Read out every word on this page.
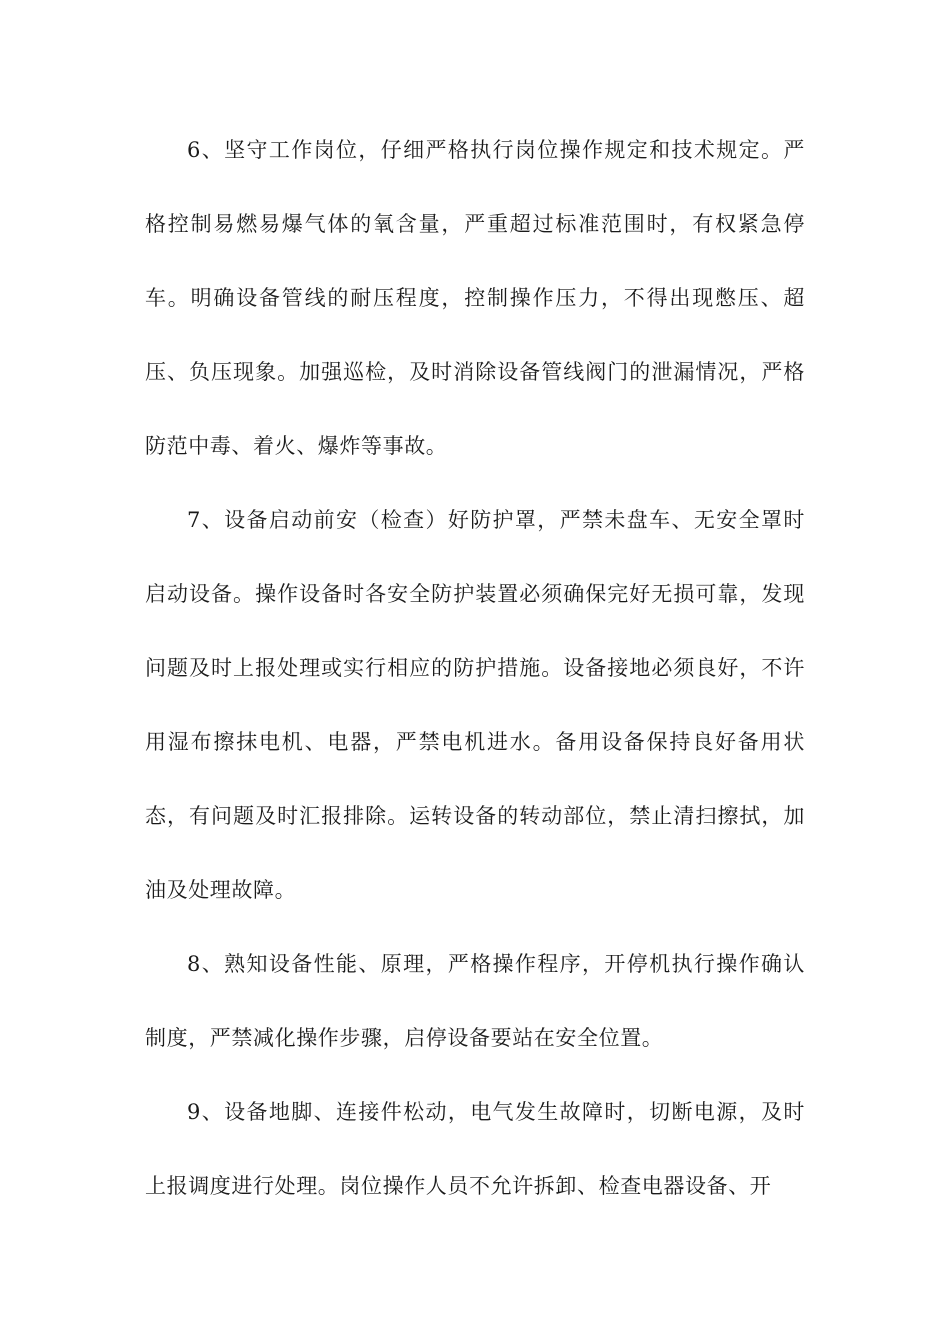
6、坚守工作岗位，仔细严格执行岗位操作规定和技术规定。严格控制易燃易爆气体的氧含量，严重超过标准范围时，有权紧急停车。明确设备管线的耐压程度，控制操作压力，不得出现憋压、超压、负压现象。加强巡检，及时消除设备管线阀门的泄漏情况，严格防范中毒、着火、爆炸等事故。

7、设备启动前安（检查）好防护罩，严禁未盘车、无安全罩时启动设备。操作设备时各安全防护装置必须确保完好无损可靠，发现问题及时上报处理或实行相应的防护措施。设备接地必须良好，不许用湿布擦抹电机、电器，严禁电机进水。备用设备保持良好备用状态，有问题及时汇报排除。运转设备的转动部位，禁止清扫擦拭，加油及处理故障。

8、熟知设备性能、原理，严格操作程序，开停机执行操作确认制度，严禁减化操作步骤，启停设备要站在安全位置。

9、设备地脚、连接件松动，电气发生故障时，切断电源，及时上报调度进行处理。岗位操作人员不允许拆卸、检查电器设备、开
